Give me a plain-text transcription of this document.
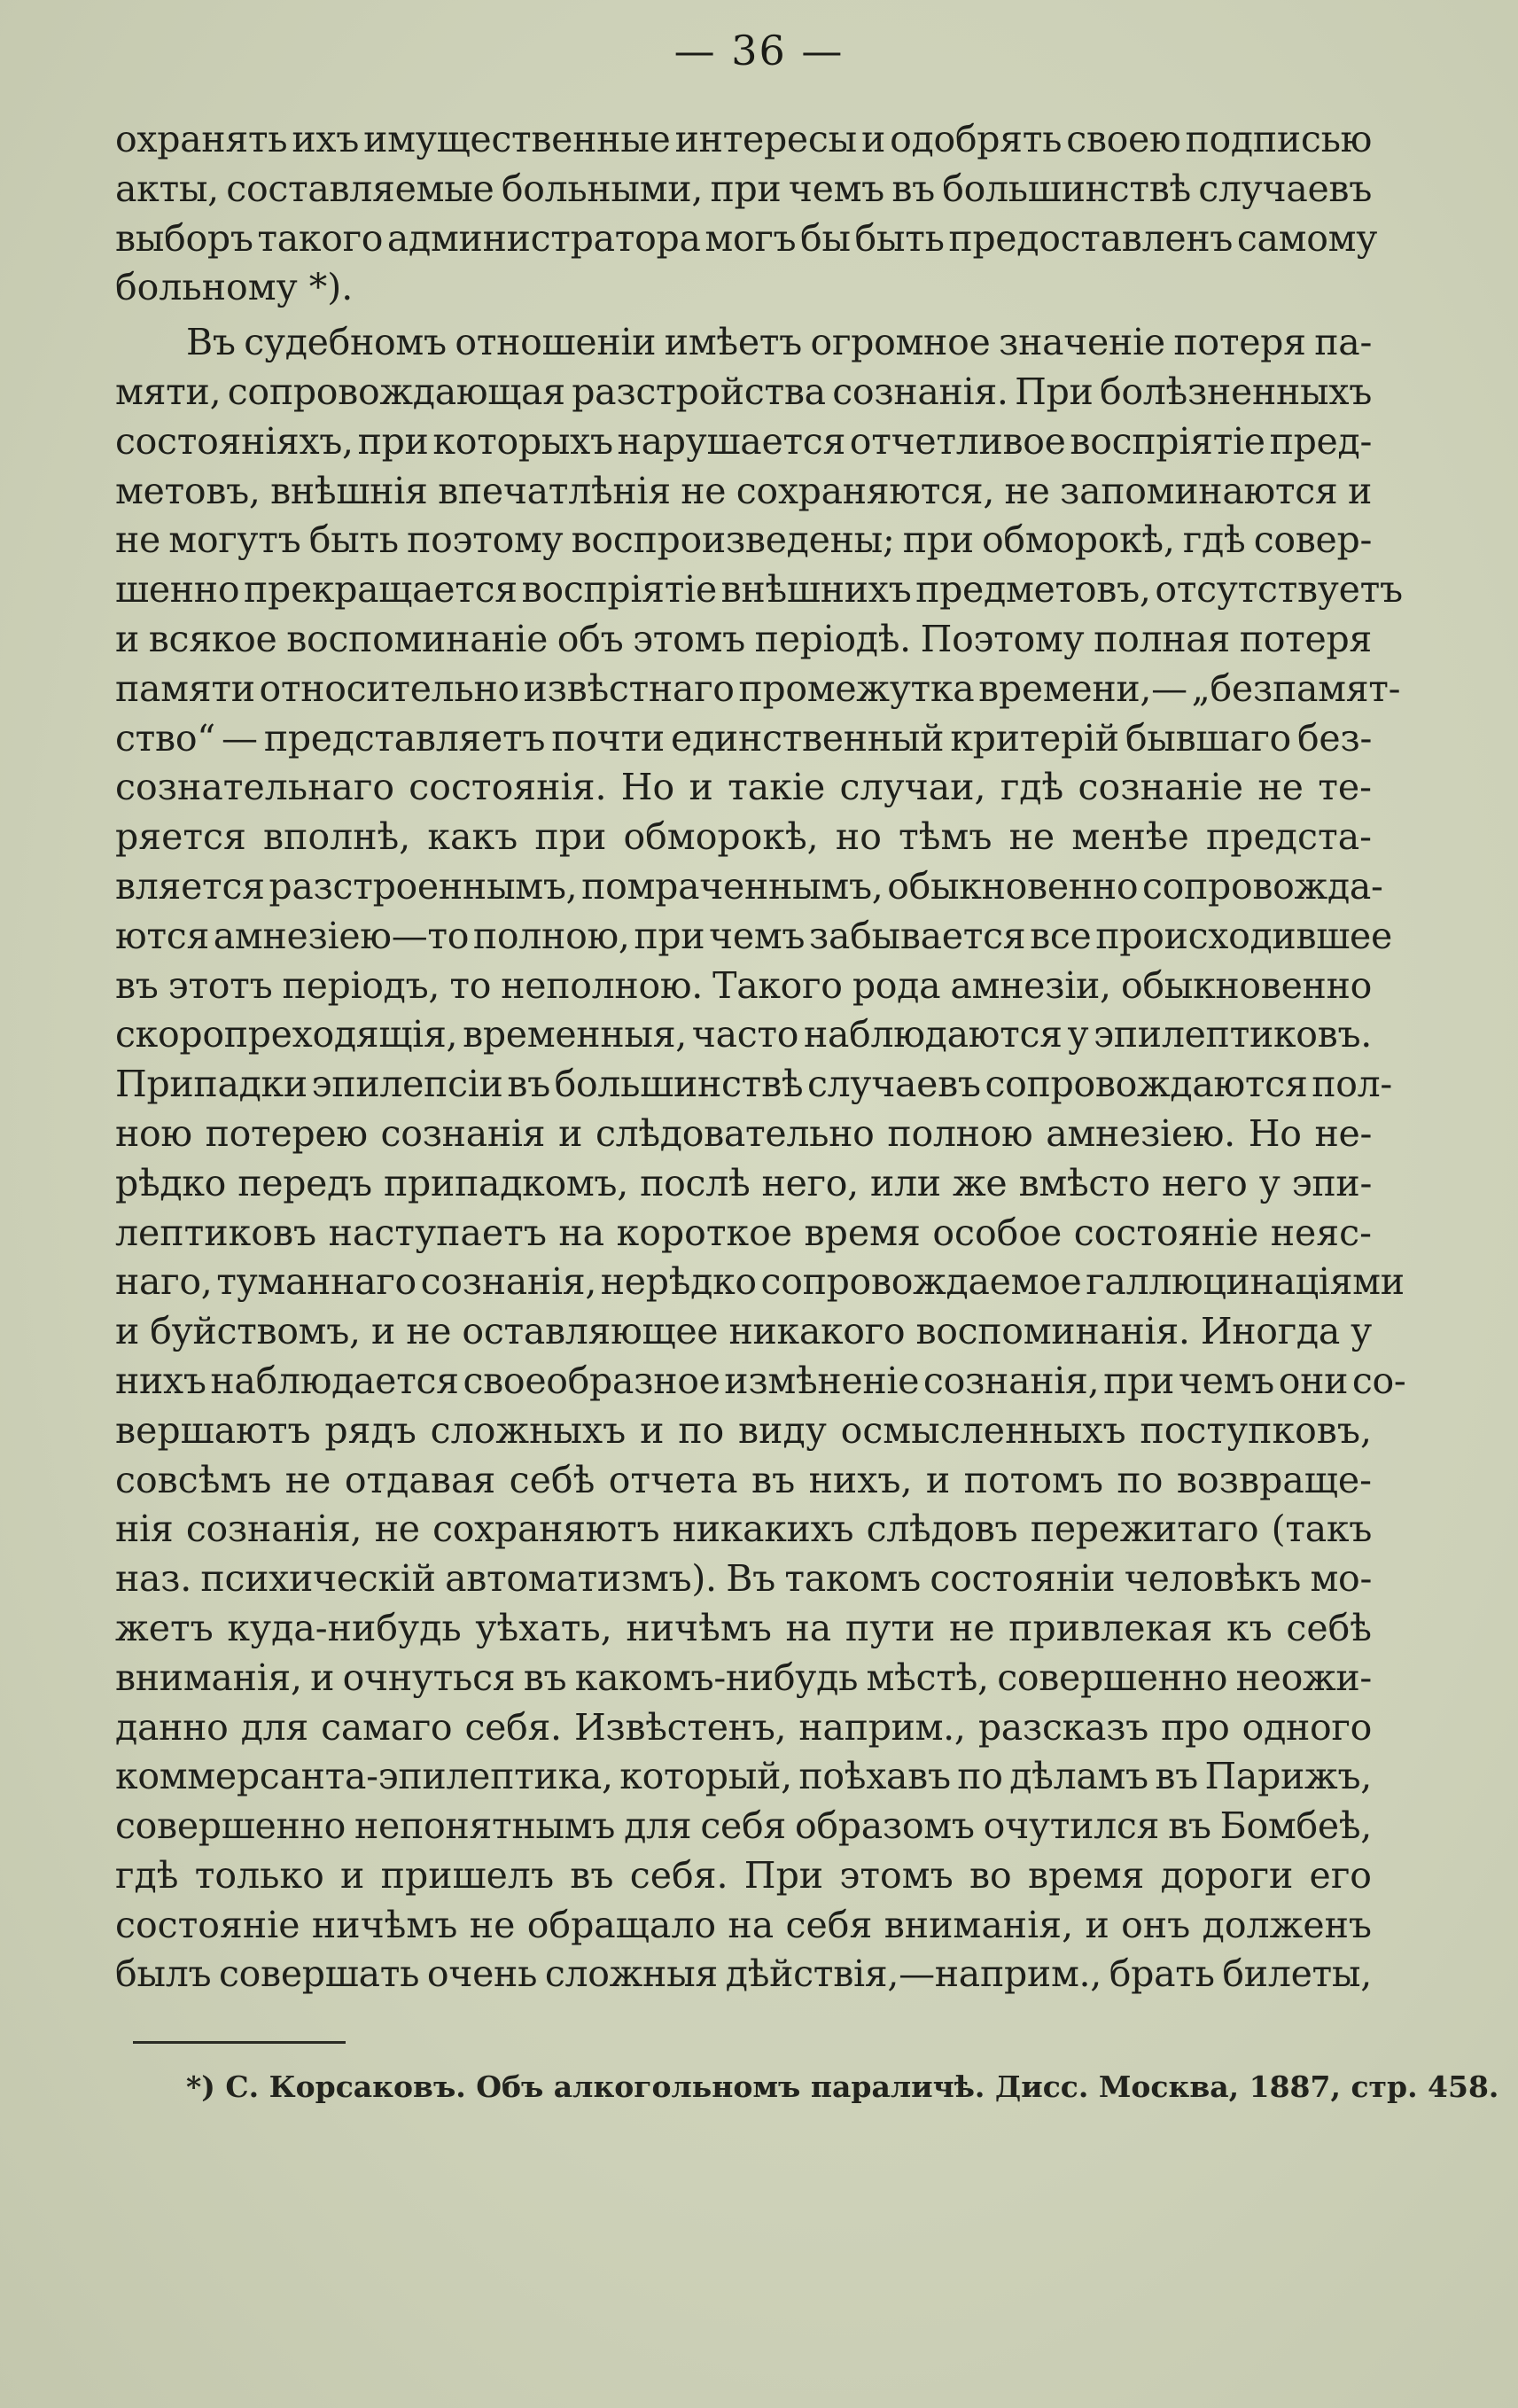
— 36 —

охранять ихъ имущественные интересы и одобрять своею подписью
акты, составляемые больными, при чемъ въ большинствѣ случаевъ
выборъ такого администратора могъ бы быть предоставленъ самому
больному *).

Въ судебномъ отношенiи имѣетъ огромное значенiе потеря па-
мяти, сопровождающая разстройства сознанiя. При болѣзненныхъ
состоянiяхъ, при которыхъ нарушается отчетливое воспрiятiе пред-
метовъ, внѣшнiя впечатлѣнiя не сохраняются, не запоминаются и
не могутъ быть поэтому воспроизведены; при обморокѣ, гдѣ совер-
шенно прекращается воспрiятiе внѣшнихъ предметовъ, отсутствуетъ
и всякое воспоминанiе объ этомъ перiодѣ. Поэтому полная потеря
памяти относительно извѣстнаго промежутка времени,— „безпамят-
ство“ — представляетъ почти единственный критерiй бывшаго без-
сознательнаго состоянiя. Но и такiе случаи, гдѣ сознанiе не те-
ряется вполнѣ, какъ при обморокѣ, но тѣмъ не менѣе предста-
вляется разстроеннымъ, помраченнымъ, обыкновенно сопровожда-
ются амнезiею—то полною, при чемъ забывается все происходившее
въ этотъ перiодъ, то неполною. Такого рода амнезiи, обыкновенно
скоропреходящiя, временныя, часто наблюдаются у эпилептиковъ.
Припадки эпилепсiи въ большинствѣ случаевъ сопровождаются пол-
ною потерею сознанiя и слѣдовательно полною амнезiею. Но не-
рѣдко передъ припадкомъ, послѣ него, или же вмѣсто него у эпи-
лептиковъ наступаетъ на короткое время особое состоянiе неяс-
наго, туманнаго сознанiя, нерѣдко сопровождаемое галлюцинацiями
и буйствомъ, и не оставляющее никакого воспоминанiя. Иногда у
нихъ наблюдается своеобразное измѣненiе сознанiя, при чемъ они со-
вершаютъ рядъ сложныхъ и по виду осмысленныхъ поступковъ,
совсѣмъ не отдавая себѣ отчета въ нихъ, и потомъ по возвраще-
нiя сознанiя, не сохраняютъ никакихъ слѣдовъ пережитаго (такъ
наз. психическiй автоматизмъ). Въ такомъ состоянiи человѣкъ мо-
жетъ куда-нибудь уѣхать, ничѣмъ на пути не привлекая къ себѣ
вниманiя, и очнуться въ какомъ-нибудь мѣстѣ, совершенно неожи-
данно для самаго себя. Извѣстенъ, наприм., разсказъ про одного
коммерсанта-эпилептика, который, поѣхавъ по дѣламъ въ Парижъ,
совершенно непонятнымъ для себя образомъ очутился въ Бомбеѣ,
гдѣ только и пришелъ въ себя. При этомъ во время дороги его
состоянiе ничѣмъ не обращало на себя вниманiя, и онъ долженъ
былъ совершать очень сложныя дѣйствiя,—наприм., брать билеты,

*) С. Корсаковъ. Объ алкогольномъ параличѣ. Дисс. Москва, 1887, стр. 458.
